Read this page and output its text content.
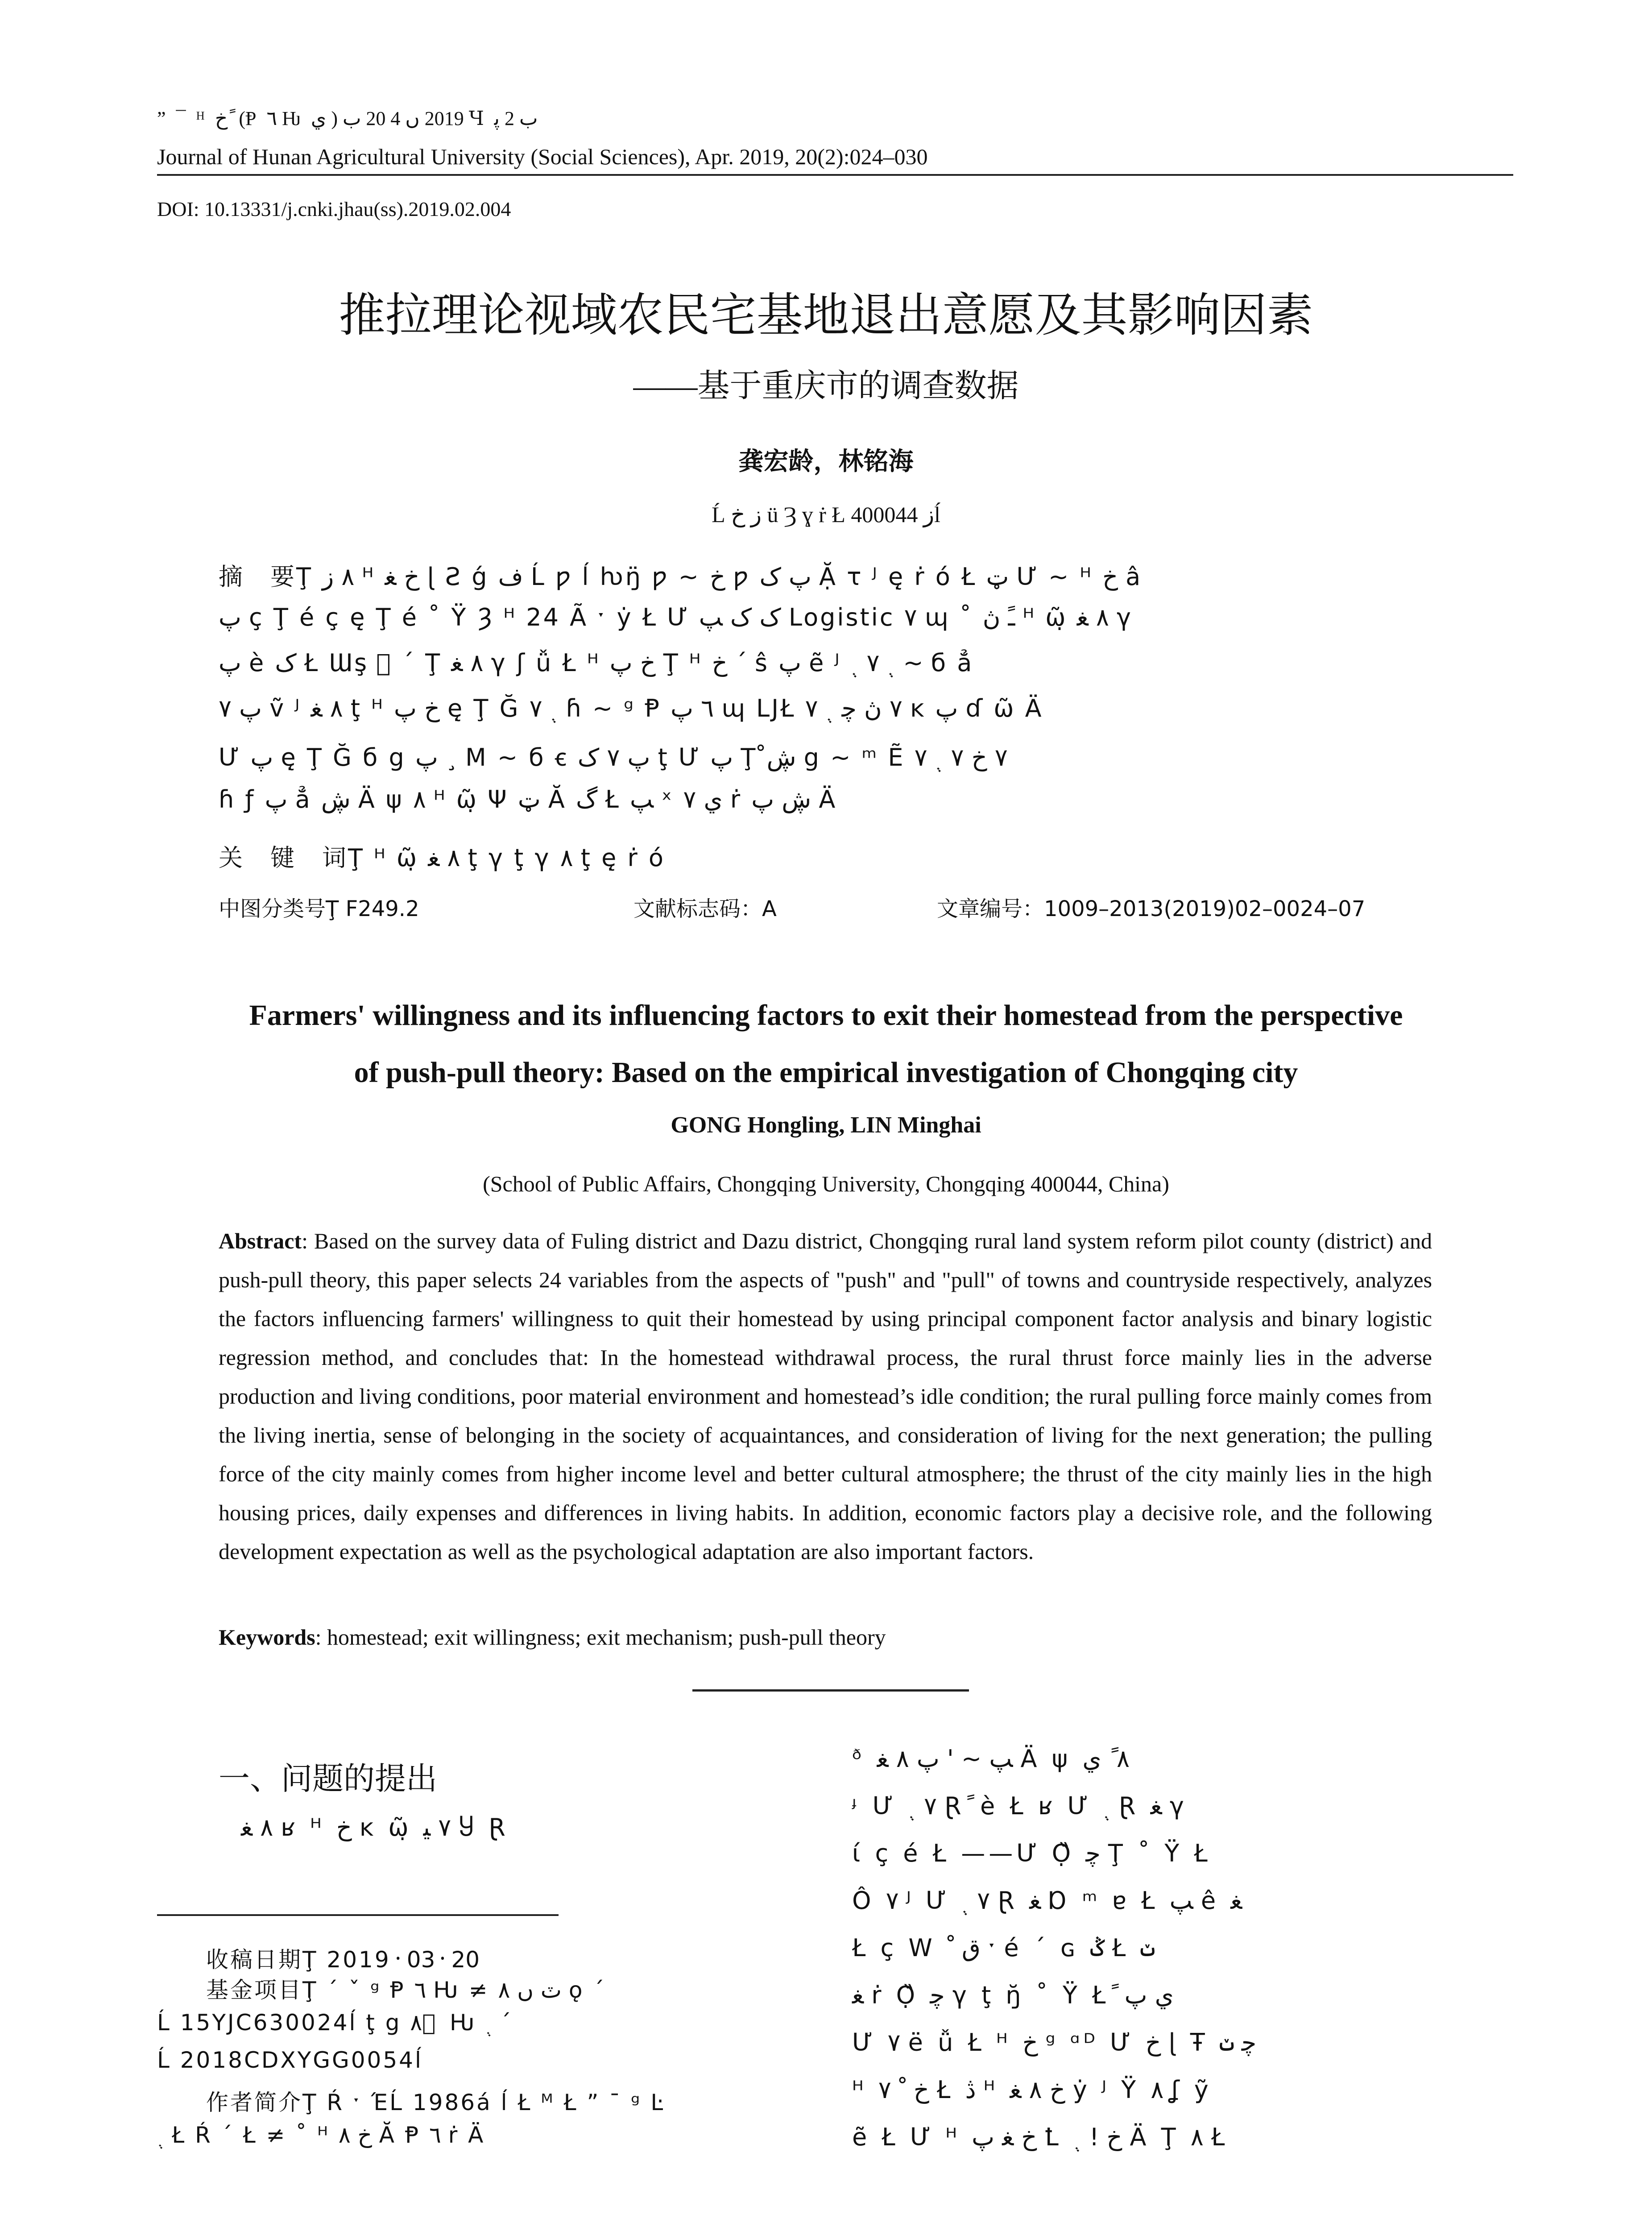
” ¯ ᴴ ﺥ ً (Ᵽ ٦ Ƕ ي ) 2019 ں 4 20 ب Ɥ ب 2 ﭘ
Journal of Hunan Agricultural University (Social Sciences), Apr. 2019, 20(2):024–030
DOI: 10.13331/j.cnki.jhau(ss).2019.02.004
推拉理论视域农民宅基地退出意愿及其影响因素
——基于重庆市的调查数据
龚宏龄，林铭海
Ĺ ز ﺥ ü Ȝ ɣ ṙ Ł ز 400044ĺ
摘　要Ţ ٨ ز ᴴ ﺥ ﻐ ɭ Ƨ ǵ ﻑ Ĺ ƿ ĺ ƕŋ̈ ƿ ~ ﺥ ƿ پ ﮎ Ặ τ ᴶ ę̣ ṙ ó Ł ټ Ư ~ ᴴ ﺥ â
پ ç Ţ é ç ę̣ Ţ é ˚ Ÿ Ȝ ᴴ 24 Ã ˑ ẏ Ł Ư ﮎ ﮎ ﭗ Logistic ٧ ɰ ˚ ﹱ ڽ ᴴ ῶ̣ ٨ ﻐ γ
پ è ﮎ Ł Ɯş ⃞ ´ Ţ ٨ ﻐ γ ʃ ǚ Ł ᴴ ﺥ پ Ţ ᴴ ﺥ ´ ŝ پ ẽ ᴶ ﮾ ٧ ﮾ ~ б ẳ
پ ٧ ṽ ᴶ ٨ ﻐ ţ ᴴ ﺥ پ ę̣ Ţ Ğ ﮾ ٧ ɦ ~ ᵍ Ᵽ ٦ پ ɰ LJŁ ٧ ڽ ﭼ ﮾ ٧ ĸ پ ɗ ῶ Ä
Ư پ ę̣ Ţ Ğ б g پ ¸ Μ ~ б ꞓ پ ٧ ﮎ ţ Ư پ Ţ ڜ̊ g ~ ᵐ Ẽ ٧ ﺥ ٧ ﮾ ٧
ɦ ƒ پ ẳ ڜ Ä ψ ٨ ᴴ ῶ̣ Ψ ټ Ă ﮒ Ł ﭗ ˣ ي ٧ ṙ ڜ پ Ä
关　键　词Ţ ᴴ ῶ̣ ٨ ﻐ ţ γ ţ γ ٨ ţ ę̣ ṙ ó
中图分类号Ţ F249.2	文献标志码：A	文章编号：1009–2013(2019)02–0024–07
Farmers' willingness and its influencing factors to exit their homestead from the perspective
of push-pull theory: Based on the empirical investigation of Chongqing city
GONG Hongling, LIN Minghai
(School of Public Affairs, Chongqing University, Chongqing 400044, China)
Abstract: Based on the survey data of Fuling district and Dazu district, Chongqing rural land system reform pilot county (district) and push-pull theory, this paper selects 24 variables from the aspects of "push" and "pull" of towns and countryside respectively, analyzes the factors influencing farmers' willingness to quit their homestead by using principal component factor analysis and binary logistic regression method, and concludes that: In the homestead withdrawal process, the rural thrust force mainly lies in the adverse production and living conditions, poor material environment and homestead’s idle condition; the rural pulling force mainly comes from the living inertia, sense of belonging in the society of acquaintances, and consideration of living for the next generation; the pulling force of the city mainly comes from higher income level and better cultural atmosphere; the thrust of the city mainly lies in the high housing prices, daily expenses and differences in living habits. In addition, economic factors play a decisive role, and the following development expectation as well as the psychological adaptation are also important factors.
Keywords: homestead; exit willingness; exit mechanism; push-pull theory
一、问题的提出
٨ ﻐ ʁ ᴴ ﺥ ĸ ῶ̣ ٧ ﻴ Ⴘ Ɽ
收稿日期Ţ 2019᠂ 03᠂ 20
基金项目Ţ ´ ˇ ᵍ Ᵽ ٦ Ƕ ≠ ٽ ں ٨ ǫ ˊ
Ĺ 15YJC630024ĺ ţ g ٨ ⃞ Ƕ ﮾ ˊ
Ĺ 2018CDXYGG0054ĺ
作者简介Ţ Ŕ ˑ ΈĹ 1986á ĺ Ł ᴹ Ł ” ¯ ᵍ Ŀ
﮾ Ł Ŕ ´ Ł ≠ ˚ ᴴ ﺥ ٨ Ă Ᵽ ٦ ṙ Ä
ᶞ ﭗ ~ ' پ ٨ ﻐ Ä ψ ٨ ً ي
ᶡ Ư ٧ ﮾ Ɽ ً è Ł ʁ Ư ﮾ Ɽ ﻐ γ
ί ç é Ł ——Ư Ọ̏ ﭼ Ţ ˚ Ÿ Ł
Ô ٧ ᴶ Ư ٧ ﮾ Ɽ ﻐ Ɒ ᵐ ɐ Ł ﭗ ê ﻐ
Ł ç W ق ﹾ ˑ é ´ ɢ ݣ Ł ݖ
ﻐ ṙ Ọ̏ ﭼ γ ţ ŋ̆ ˚ Ÿ Ł ً ي پ
Ư ٧ ë ǚ Ł ᴴ ﺥ ᵍ ᵅᴰ Ư ﺥ ɭ Ŧ ﭼ ݖ
ᴴ ﺥ ﹾ ٧ Ł ڎ ᴴ ﺥ ٨ ﻐ ẏ ᴶ Ÿ ٨ ʆ ỹ
ẽ Ł Ư ᴴ ﺥ ﻐ پ Ꝉ ﺥ ! ﮾ Ä Ţ ٨ Ł
